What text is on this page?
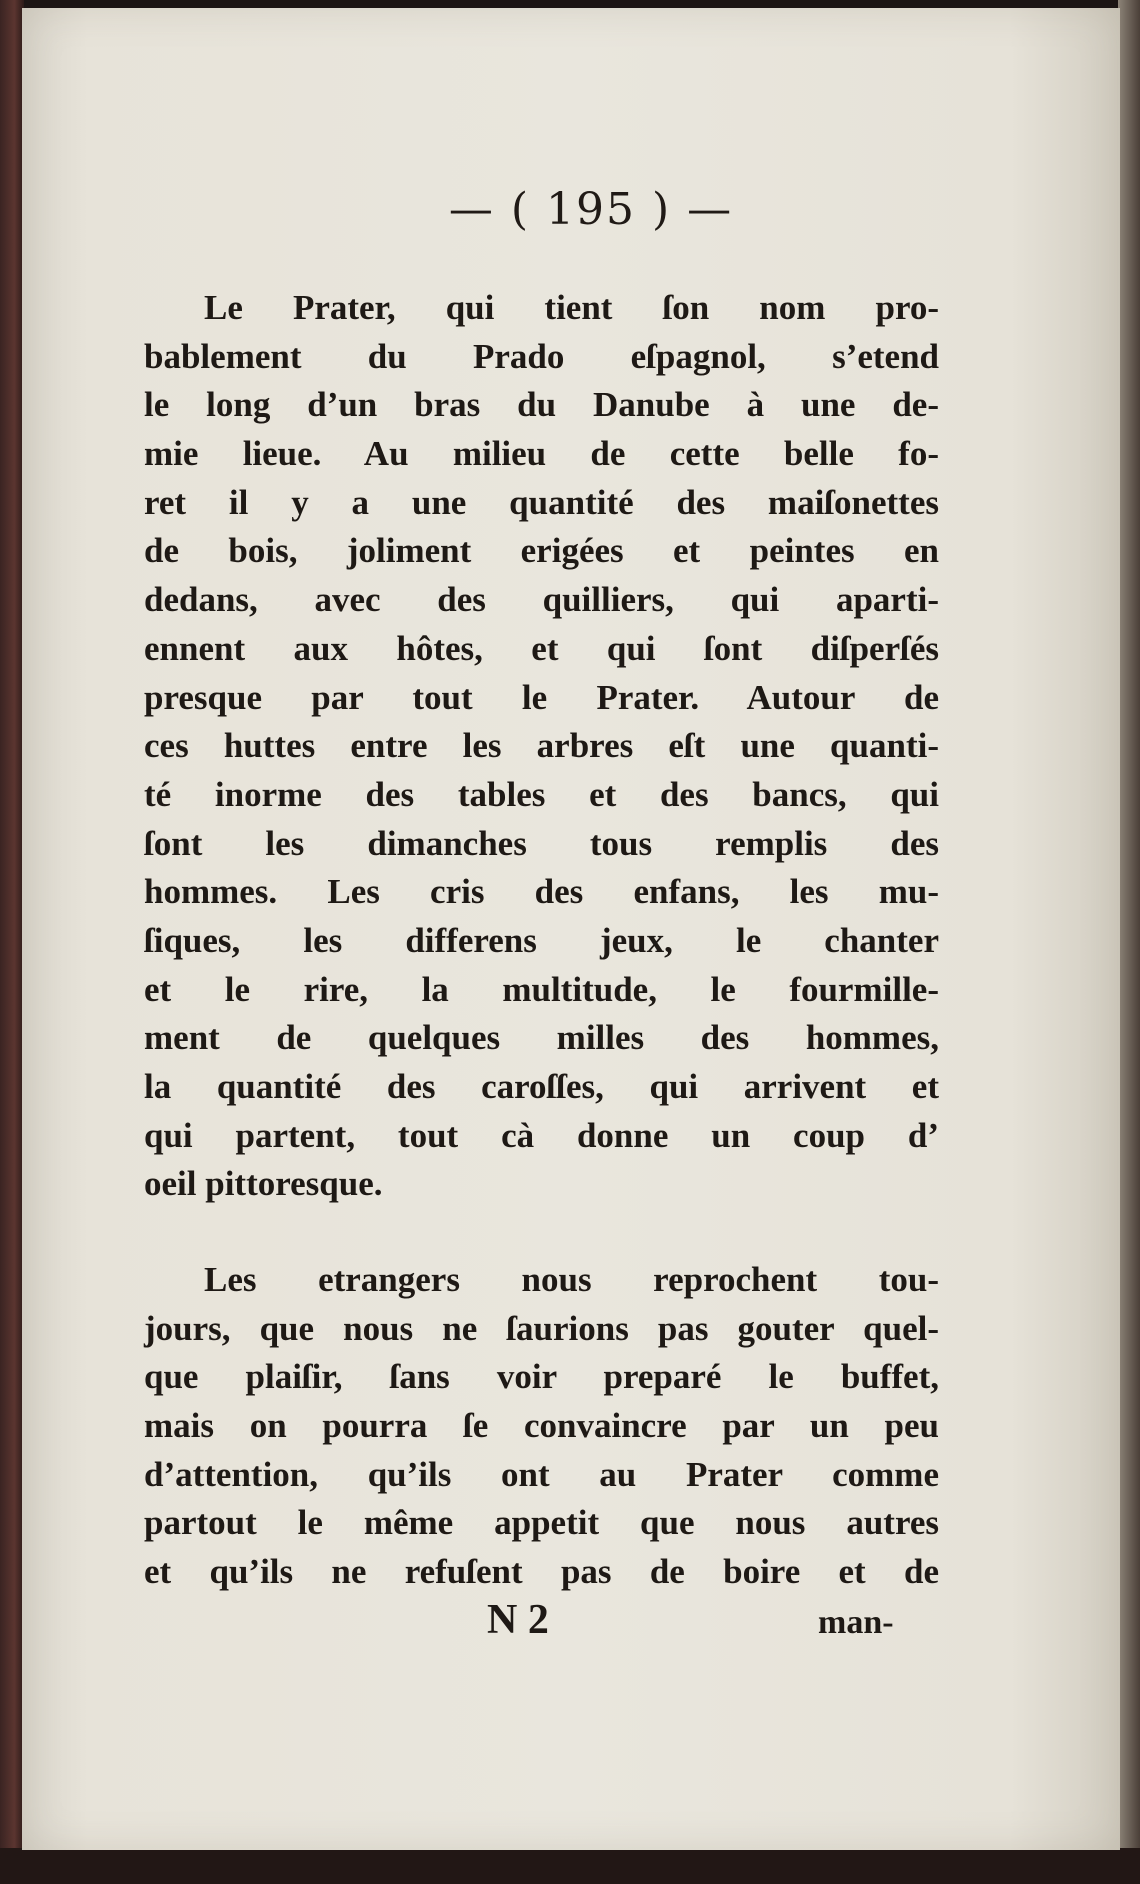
— ( 195 ) —
Le Prater, qui tient ſon nom pro-
bablement du Prado eſpagnol, s’etend
le long d’un bras du Danube à une de-
mie lieue. Au milieu de cette belle fo-
ret il y a une quantité des maiſonettes
de bois, joliment erigées et peintes en
dedans, avec des quilliers, qui aparti-
ennent aux hôtes, et qui ſont diſperſés
presque par tout le Prater. Autour de
ces huttes entre les arbres eſt une quanti-
té inorme des tables et des bancs, qui
ſont les dimanches tous remplis des
hommes. Les cris des enfans, les mu-
ſiques, les differens jeux, le chanter
et le rire, la multitude, le fourmille-
ment de quelques milles des hommes,
la quantité des caroſſes, qui arrivent et
qui partent, tout cà donne un coup d’
oeil pittoresque.
Les etrangers nous reprochent tou-
jours, que nous ne ſaurions pas gouter quel-
que plaiſir, ſans voir preparé le buffet,
mais on pourra ſe convaincre par un peu
d’attention, qu’ils ont au Prater comme
partout le même appetit que nous autres
et qu’ils ne refuſent pas de boire et de
N 2	man-
